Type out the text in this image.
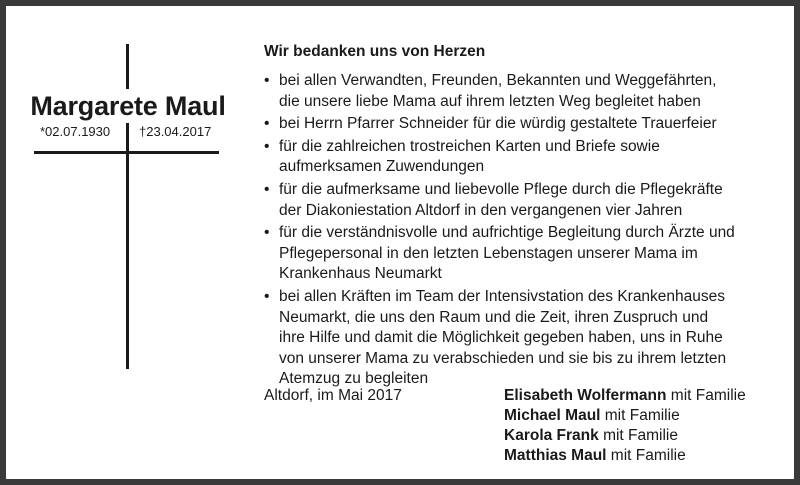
Margarete Maul
*02.07.1930 †23.04.2017
Wir bedanken uns von Herzen
• bei allen Verwandten, Freunden, Bekannten und Weggefährten,
die unsere liebe Mama auf ihrem letzten Weg begleitet haben
• bei Herrn Pfarrer Schneider für die würdig gestaltete Trauerfeier
• für die zahlreichen trostreichen Karten und Briefe sowie
aufmerksamen Zuwendungen
• für die aufmerksame und liebevolle Pflege durch die Pflegekräfte
der Diakoniestation Altdorf in den vergangenen vier Jahren
• für die verständnisvolle und aufrichtige Begleitung durch Ärzte und
Pflegepersonal in den letzten Lebenstagen unserer Mama im
Krankenhaus Neumarkt
• bei allen Kräften im Team der Intensivstation des Krankenhauses
Neumarkt, die uns den Raum und die Zeit, ihren Zuspruch und
ihre Hilfe und damit die Möglichkeit gegeben haben, uns in Ruhe
von unserer Mama zu verabschieden und sie bis zu ihrem letzten
Atemzug zu begleiten
Altdorf, im Mai 2017	Elisabeth Wolfermann mit Familie
Michael Maul mit Familie
Karola Frank mit Familie
Matthias Maul mit Familie
